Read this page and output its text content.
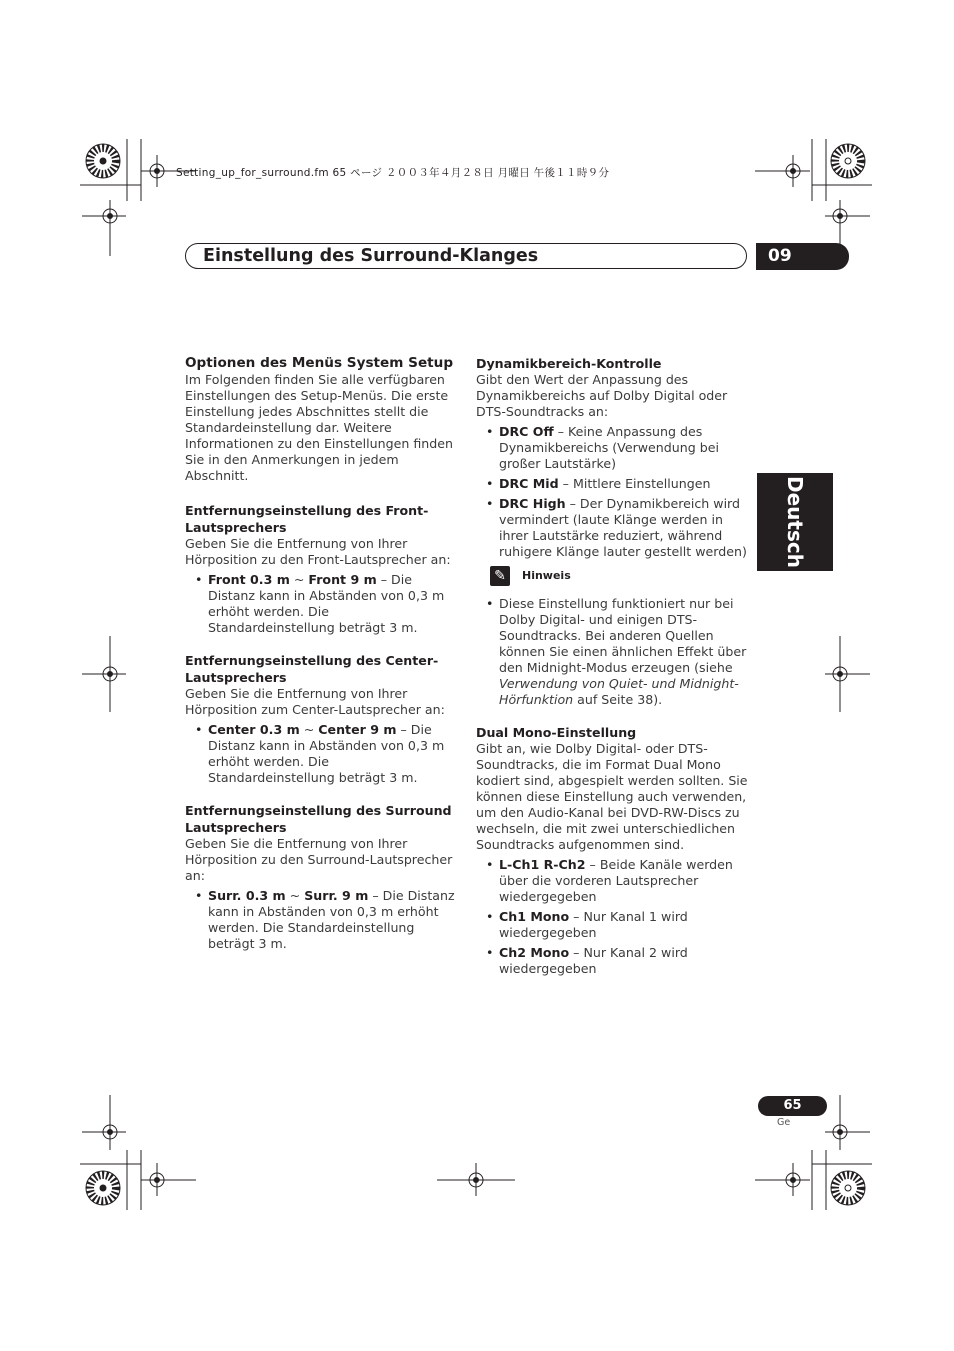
Setting_up_for_surround.fm 65 ページ ２００３年４月２８日 月曜日 午後１１時９分
Einstellung des Surround-Klanges	09
Deutsch
Optionen des Menüs System Setup

Im Folgenden finden Sie alle verfügbaren Einstellungen des Setup-Menüs. Die erste Einstellung jedes Abschnittes stellt die Standardeinstellung dar. Weitere Informationen zu den Einstellungen finden Sie in den Anmerkungen in jedem Abschnitt.

Entfernungseinstellung des Front-Lautsprechers

Geben Sie die Entfernung von Ihrer Hörposition zu den Front-Lautsprecher an:

• Front 0.3 m ~ Front 9 m – Die Distanz kann in Abständen von 0,3 m erhöht werden. Die Standardeinstellung beträgt 3 m.
Entfernungseinstellung des Center-Lautsprechers

Geben Sie die Entfernung von Ihrer Hörposition zum Center-Lautsprecher an:

• Center 0.3 m ~ Center 9 m – Die Distanz kann in Abständen von 0,3 m erhöht werden. Die Standardeinstellung beträgt 3 m.
Entfernungseinstellung des Surround Lautsprechers

Geben Sie die Entfernung von Ihrer Hörposition zu den Surround-Lautsprecher an:

• Surr. 0.3 m ~ Surr. 9 m – Die Distanz kann in Abständen von 0,3 m erhöht werden. Die Standardeinstellung beträgt 3 m.
Dynamikbereich-Kontrolle

Gibt den Wert der Anpassung des Dynamikbereichs auf Dolby Digital oder DTS-Soundtracks an:

• DRC Off – Keine Anpassung des Dynamikbereichs (Verwendung bei großer Lautstärke)
• DRC Mid – Mittlere Einstellungen
• DRC High – Der Dynamikbereich wird vermindert (laute Klänge werden in ihrer Lautstärke reduziert, während ruhigere Klänge lauter gestellt werden)
✎	Hinweis
• Diese Einstellung funktioniert nur bei Dolby Digital- und einigen DTS-Soundtracks. Bei anderen Quellen können Sie einen ähnlichen Effekt über den Midnight-Modus erzeugen (siehe Verwendung von Quiet- und Midnight-Hörfunktion auf Seite 38).
Dual Mono-Einstellung

Gibt an, wie Dolby Digital- oder DTS-Soundtracks, die im Format Dual Mono kodiert sind, abgespielt werden sollten. Sie können diese Einstellung auch verwenden, um den Audio-Kanal bei DVD-RW-Discs zu wechseln, die mit zwei unterschiedlichen Soundtracks aufgenommen sind.

• L-Ch1 R-Ch2 – Beide Kanäle werden über die vorderen Lautsprecher wiedergegeben
• Ch1 Mono – Nur Kanal 1 wird wiedergegeben
• Ch2 Mono – Nur Kanal 2 wird wiedergegeben
65
Ge
